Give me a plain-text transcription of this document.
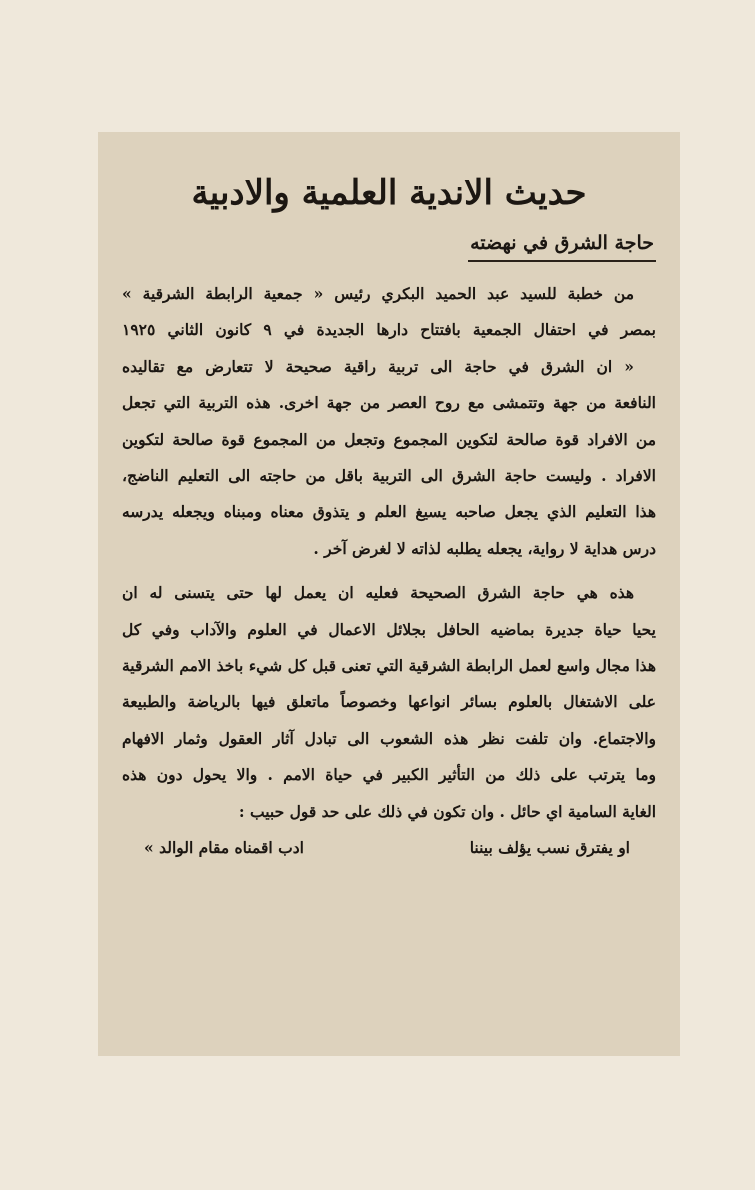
حديث الاندية العلمية والادبية
حاجة الشرق في نهضته
من خطبة للسيد عبد الحميد البكري رئيس « جمعية الرابطة الشرقية »
بمصر في احتفال الجمعية بافتتاح دارها الجديدة في ٩ كانون الثاني ١٩٢٥
« ان الشرق في حاجة الى تربية راقية صحيحة لا تتعارض مع تقاليده
النافعة من جهة وتتمشى مع روح العصر من جهة اخرى. هذه التربية التي تجعل
من الافراد قوة صالحة لتكوين المجموع وتجعل من المجموع قوة صالحة لتكوين
الافراد . وليست حاجة الشرق الى التربية باقل من حاجته الى التعليم الناضج،
هذا التعليم الذي يجعل صاحبه يسيغ العلم و يتذوق معناه ومبناه ويجعله يدرسه
درس هداية لا رواية، يجعله يطلبه لذاته لا لغرض آخر .
هذه هي حاجة الشرق الصحيحة فعليه ان يعمل لها حتى يتسنى له ان
يحيا حياة جديرة بماضيه الحافل بجلائل الاعمال في العلوم والآداب وفي كل
هذا مجال واسع لعمل الرابطة الشرقية التي تعنى قبل كل شيء باخذ الامم الشرقية
على الاشتغال بالعلوم بسائر انواعها وخصوصاً ماتعلق فيها بالرياضة والطبيعة
والاجتماع. وان تلفت نظر هذه الشعوب الى تبادل آثار العقول وثمار الافهام
وما يترتب على ذلك من التأثير الكبير في حياة الامم . والا يحول دون هذه
الغاية السامية اي حائل . وان تكون في ذلك على حد قول حبيب :
او يفترق نسب يؤلف بيننا
ادب اقمناه مقام الوالد »
